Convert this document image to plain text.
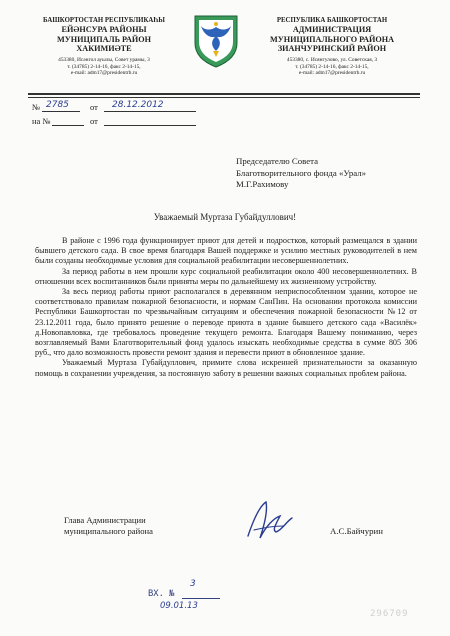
БАШКОРТОСТАН РЕСПУБЛИКАҺЫ
ЕЙӘНСУРА РАЙОНЫ
МУНИЦИПАЛЬ РАЙОН
ХАКИМИӘТЕ
453380, Исәнгол ауылы, Совет урамы, 3
т. (34785) 2-14-16, факс 2-14-15,
e-mail: adm17@presidentrb.ru
РЕСПУБЛИКА БАШКОРТОСТАН
АДМИНИСТРАЦИЯ
МУНИЦИПАЛЬНОГО РАЙОНА
ЗИАНЧУРИНСКИЙ РАЙОН
453380, с. Исянгулово, ул. Советская, 3
т. (34785) 2-14-16, факс 2-14-15,
e-mail: adm17@presidentrb.ru
№ 2785 от 28.12.2012
на №	от
Председателю Совета
Благотворительного фонда «Урал»
М.Г.Рахимову
Уважаемый Муртаза Губайдуллович!

В районе с 1996 года функционирует приют для детей и подростков, который размещался в здании бывшего детского сада. В свое время благодаря Вашей поддержке и усилию местных руководителей в нем были созданы необходимые условия для социальной реабилитации несовершеннолетних.

За период работы в нем прошли курс социальной реабилитации около 400 несовершеннолетних. В отношении всех воспитанников были приняты меры по дальнейшему их жизненному устройству.

За весь период работы приют располагался в деревянном неприспособленном здании, которое не соответствовало правилам пожарной безопасности, и нормам СанПин. На основании протокола комиссии Республики Башкортостан по чрезвычайным ситуациям и обеспечения пожарной безопасности №12 от 23.12.2011 года, было принято решение о переводе приюта в здание бывшего детского сада «Василёк» д.Новопавловка, где требовалось проведение текущего ремонта. Благодаря Вашему пониманию, через возглавляемый Вами Благотворительный фонд удалось изыскать необходимые средства в сумме 805 306 руб., что дало возможность провести ремонт здания и перевести приют в обновленное здание.

Уважаемый Муртаза Губайдуллович, примите слова искренней признательности за оказанную помощь в сохранении учреждения, за постоянную заботу в решении важных социальных проблем района.

Глава Администрации
муниципального района	А.С.Байчурин
ВХ. №
3
09.01.13
296709
